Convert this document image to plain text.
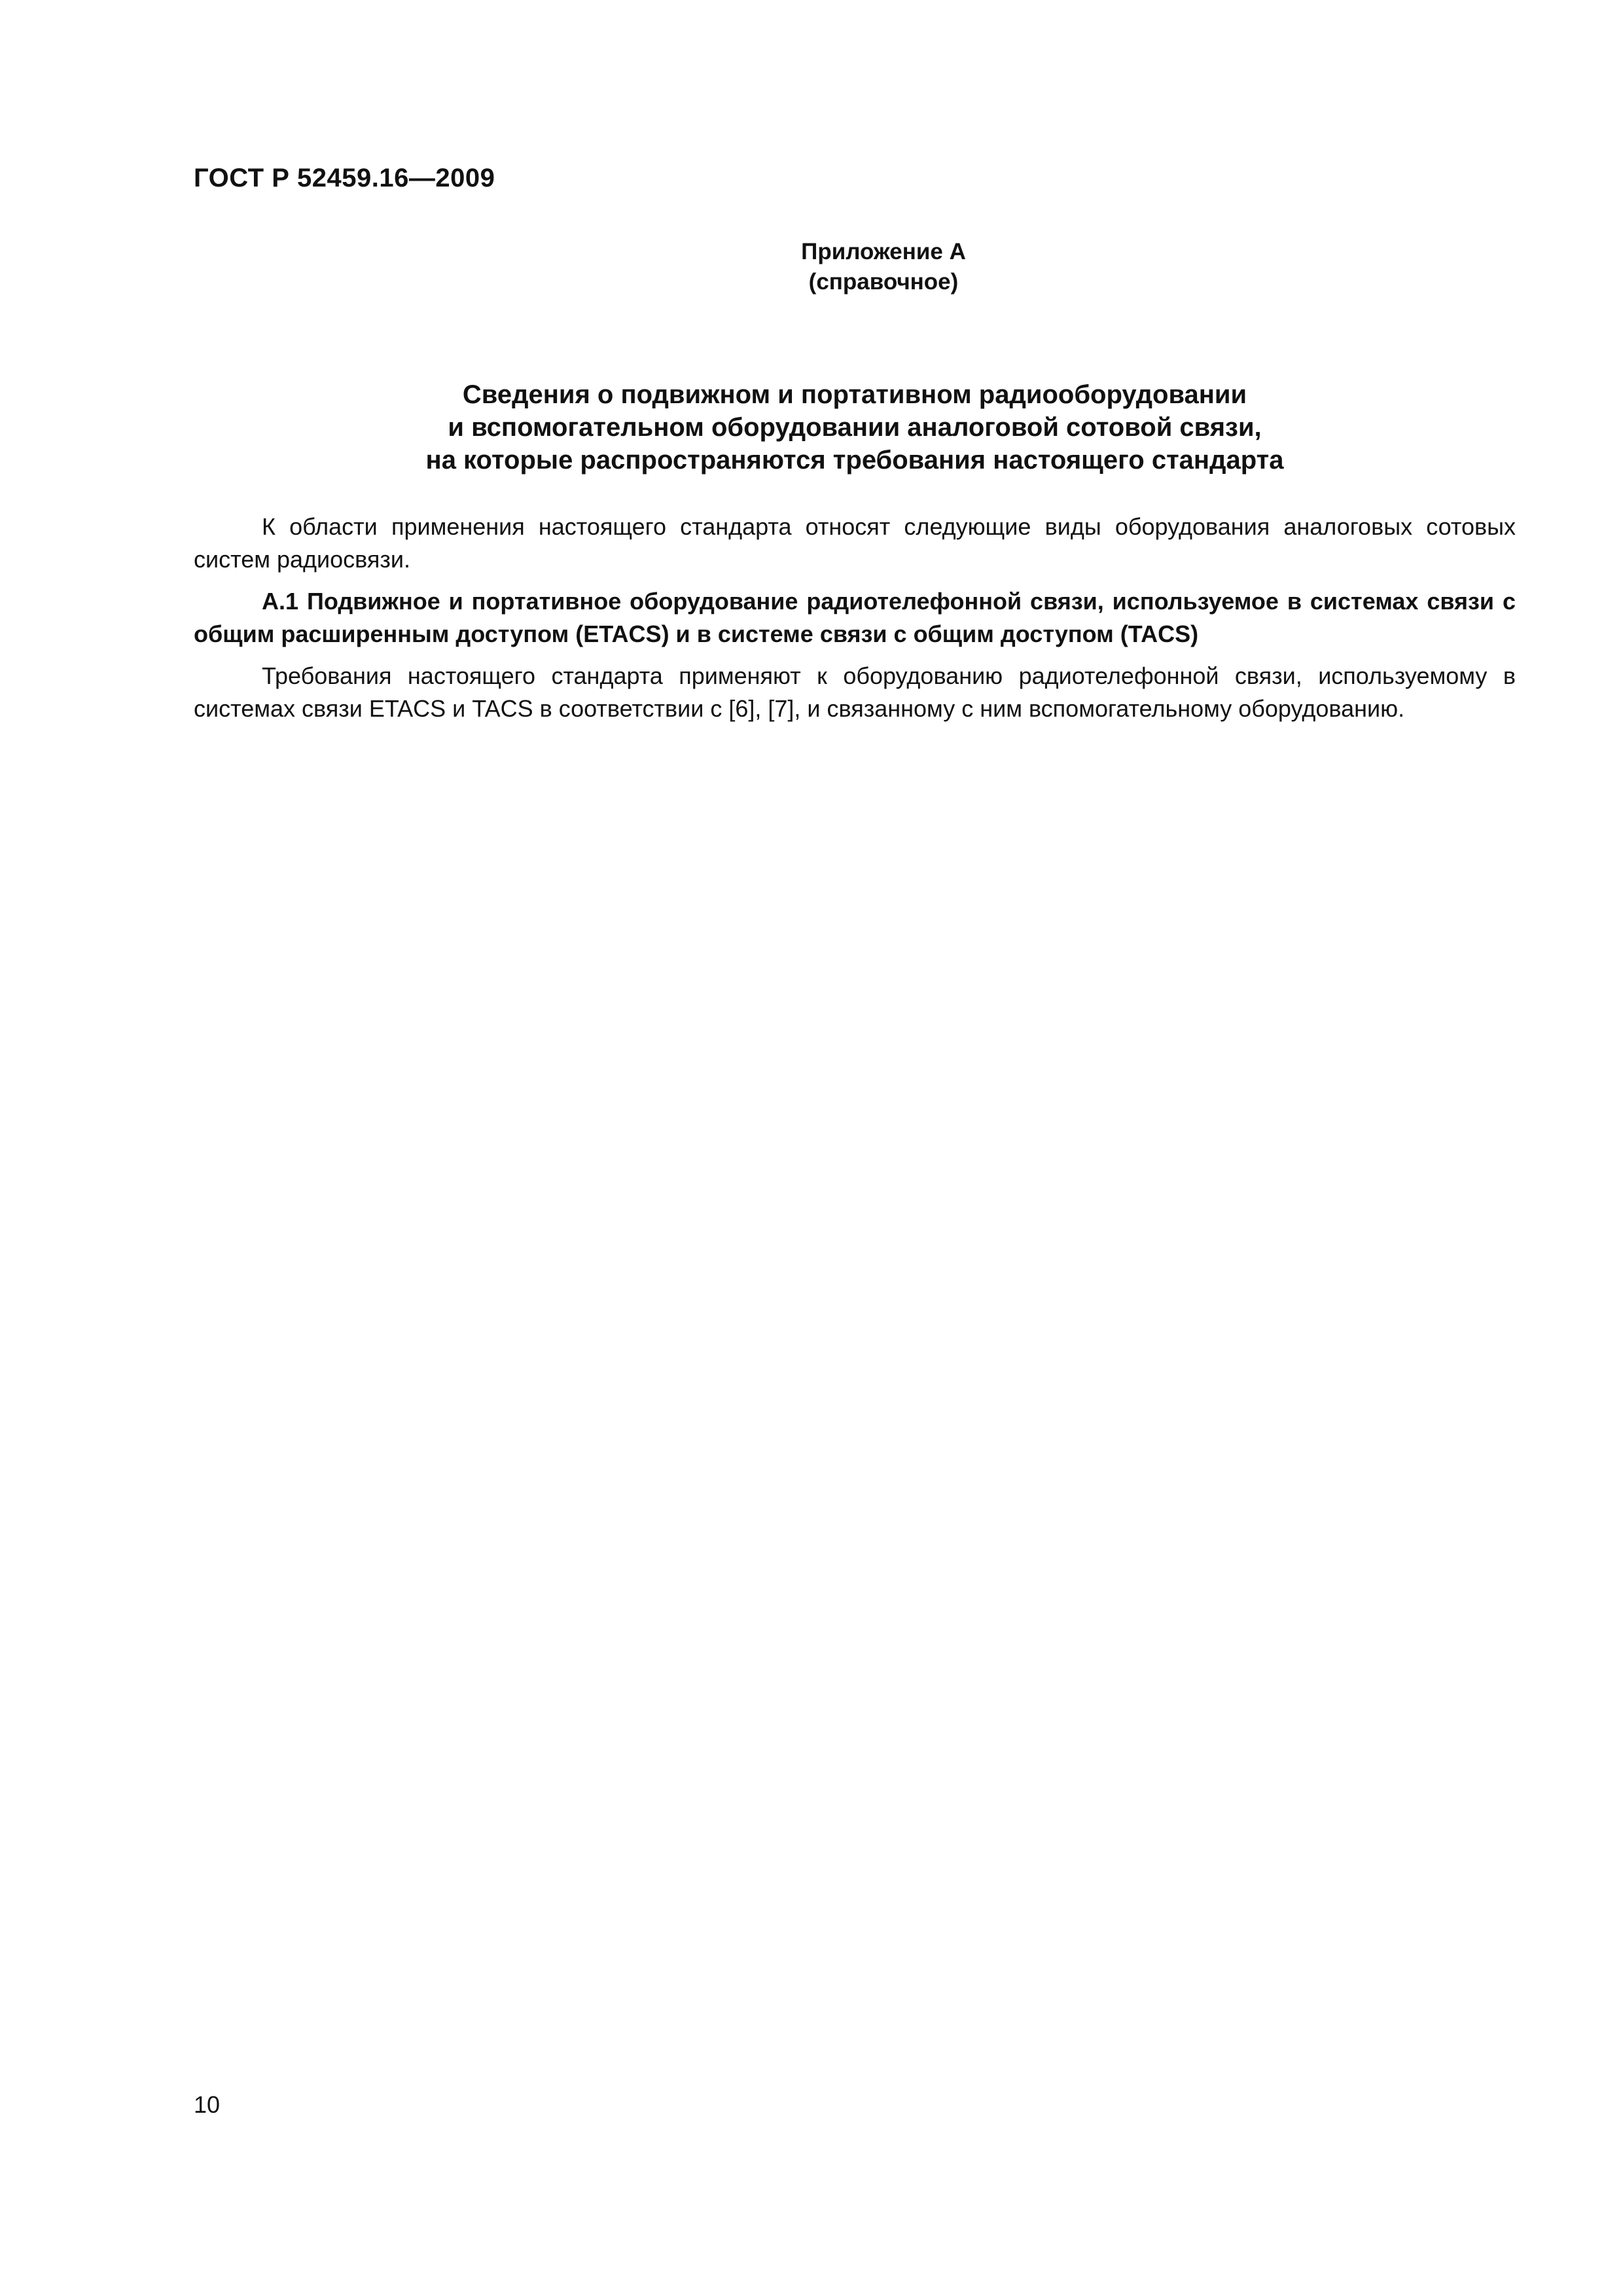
ГОСТ Р 52459.16—2009
Приложение А
(справочное)
Сведения о подвижном и портативном радиооборудовании
и вспомогательном оборудовании аналоговой сотовой связи,
на которые распространяются требования настоящего стандарта

К области применения настоящего стандарта относят следующие виды оборудования аналоговых сотовых систем радиосвязи.

А.1 Подвижное и портативное оборудование радиотелефонной связи, используемое в системах связи с общим расширенным доступом (ETACS) и в системе связи с общим доступом (TACS)

Требования настоящего стандарта применяют к оборудованию радиотелефонной связи, используемому в системах связи ETACS и TACS в соответствии с [6], [7], и связанному с ним вспомогательному оборудованию.

10
